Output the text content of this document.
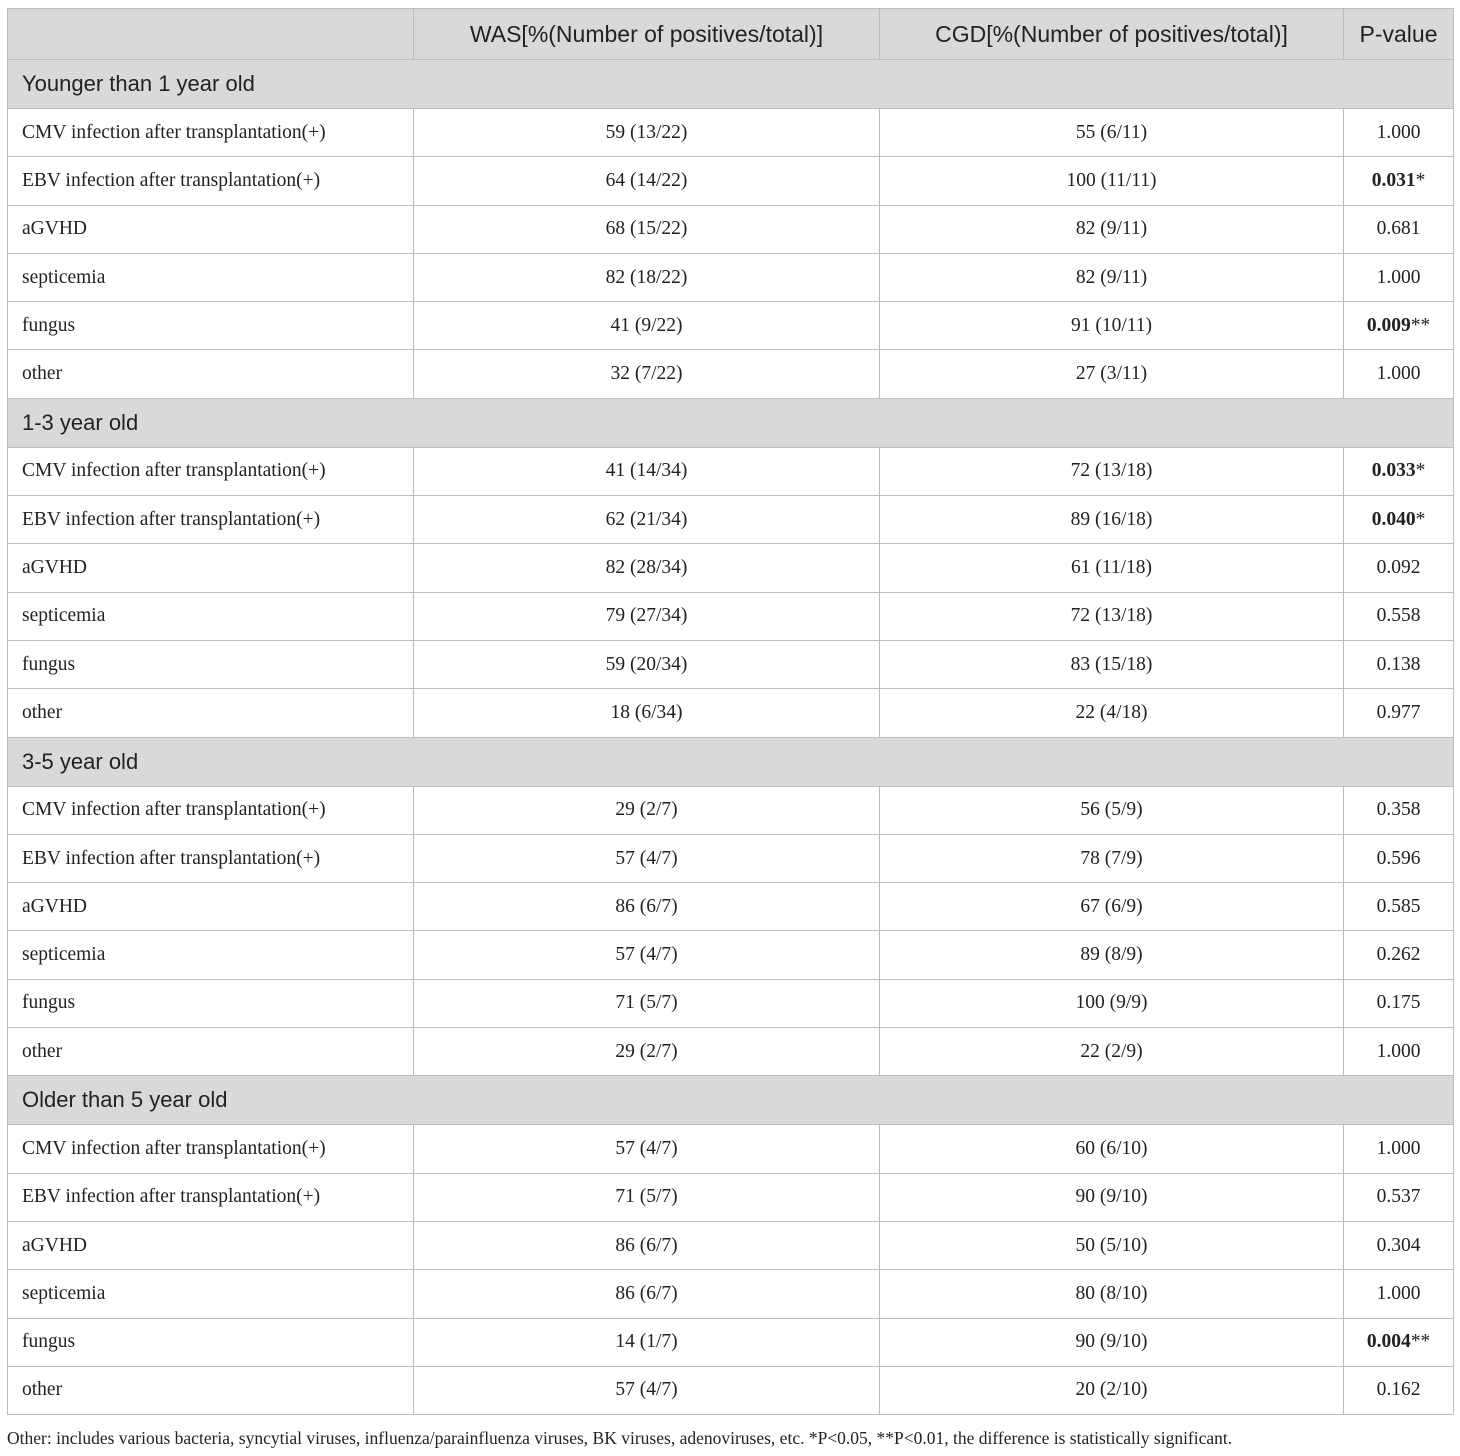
	WAS[%(Number of positives/total)]	CGD[%(Number of positives/total)]	P-value
Younger than 1 year old			
CMV infection after transplantation(+)	59 (13/22)	55 (6/11)	1.000
EBV infection after transplantation(+)	64 (14/22)	100 (11/11)	0.031*
aGVHD	68 (15/22)	82 (9/11)	0.681
septicemia	82 (18/22)	82 (9/11)	1.000
fungus	41 (9/22)	91 (10/11)	0.009**
other	32 (7/22)	27 (3/11)	1.000
1-3 year old			
CMV infection after transplantation(+)	41 (14/34)	72 (13/18)	0.033*
EBV infection after transplantation(+)	62 (21/34)	89 (16/18)	0.040*
aGVHD	82 (28/34)	61 (11/18)	0.092
septicemia	79 (27/34)	72 (13/18)	0.558
fungus	59 (20/34)	83 (15/18)	0.138
other	18 (6/34)	22 (4/18)	0.977
3-5 year old			
CMV infection after transplantation(+)	29 (2/7)	56 (5/9)	0.358
EBV infection after transplantation(+)	57 (4/7)	78 (7/9)	0.596
aGVHD	86 (6/7)	67 (6/9)	0.585
septicemia	57 (4/7)	89 (8/9)	0.262
fungus	71 (5/7)	100 (9/9)	0.175
other	29 (2/7)	22 (2/9)	1.000
Older than 5 year old			
CMV infection after transplantation(+)	57 (4/7)	60 (6/10)	1.000
EBV infection after transplantation(+)	71 (5/7)	90 (9/10)	0.537
aGVHD	86 (6/7)	50 (5/10)	0.304
septicemia	86 (6/7)	80 (8/10)	1.000
fungus	14 (1/7)	90 (9/10)	0.004**
other	57 (4/7)	20 (2/10)	0.162
Other: includes various bacteria, syncytial viruses, influenza/parainfluenza viruses, BK viruses, adenoviruses, etc. *P<0.05, **P<0.01, the difference is statistically significant.
